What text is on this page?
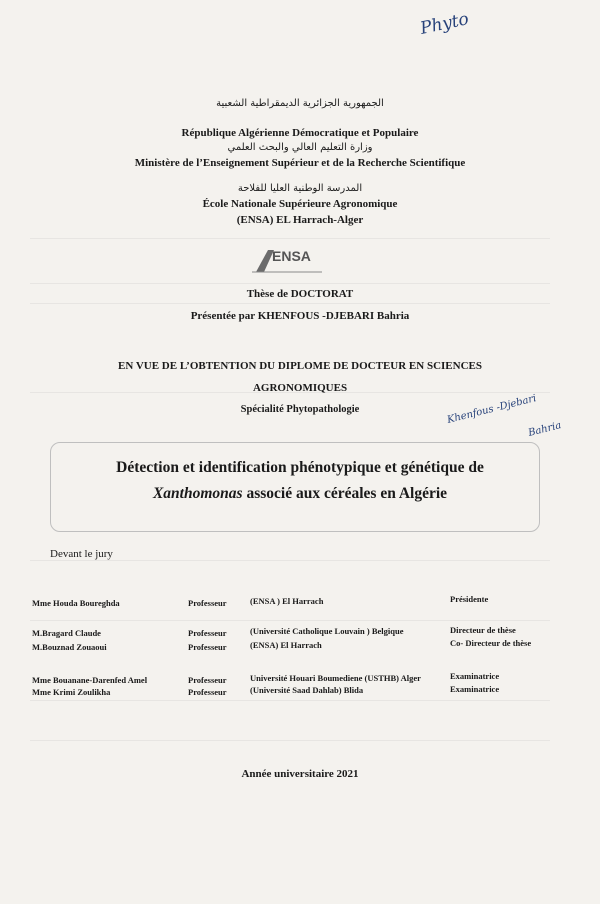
Phyto
Khenfous -Djebari
Bahria
الجمهورية الجزائرية الديمقراطية الشعبية
République Algérienne Démocratique et Populaire
وزارة التعليم العالي والبحث العلمي
Ministère de l’Enseignement Supérieur et de la Recherche Scientifique
المدرسة الوطنية العليا للفلاحة
École Nationale Supérieure Agronomique
(ENSA) EL Harrach-Alger
ENSA
Thèse de DOCTORAT
Présentée par KHENFOUS -DJEBARI Bahria
EN VUE DE L’OBTENTION DU DIPLOME DE DOCTEUR EN SCIENCES
AGRONOMIQUES
Spécialité Phytopathologie
Détection et identification phénotypique et génétique de
Xanthomonas associé aux céréales en Algérie
Devant le jury
Mme Houda Boureghda	Professeur	(ENSA ) El Harrach	Présidente
M.Bragard Claude	Professeur	(Université Catholique Louvain ) Belgique	Directeur de thèse
M.Bouznad Zouaoui	Professeur	(ENSA) El Harrach	Co- Directeur de thèse
Mme Bouanane-Darenfed Amel	Professeur	Université Houari Boumediene (USTHB) Alger	Examinatrice
Mme Krimi Zoulikha	Professeur	(Université Saad Dahlab) Blida	Examinatrice
Année universitaire 2021
